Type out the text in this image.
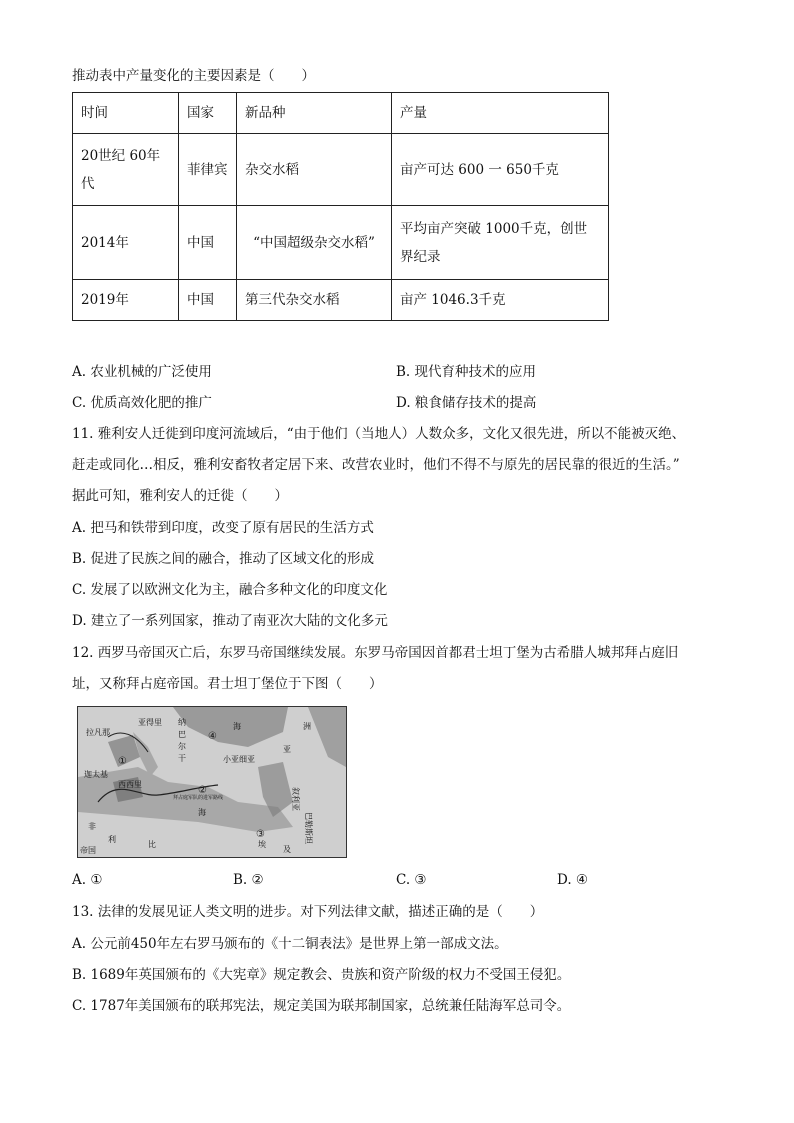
推动表中产量变化的主要因素是（　　）
时间	国家	新品种	产量
20世纪 60年代	菲律宾	杂交水稻	亩产可达 600 一 650千克
2014年	中国	“中国超级杂交水稻”	平均亩产突破 1000千克，创世界纪录
2019年	中国	第三代杂交水稻	亩产 1046.3千克
A. 农业机械的广泛使用	B. 现代育种技术的应用
C. 优质高效化肥的推广	D. 粮食储存技术的提高
11. 雅利安人迁徙到印度河流域后，“由于他们（当地人）人数众多，文化又很先进，所以不能被灭绝、
赶走或同化…相反，雅利安畜牧者定居下来、改营农业时，他们不得不与原先的居民靠的很近的生活。”
据此可知，雅利安人的迁徙（　　）
A. 把马和铁带到印度，改变了原有居民的生活方式
B. 促进了民族之间的融合，推动了区域文化的形成
C. 发展了以欧洲文化为主，融合多种文化的印度文化
D. 建立了一系列国家，推动了南亚次大陆的文化多元
12. 西罗马帝国灭亡后，东罗马帝国继续发展。东罗马帝国因首都君士坦丁堡为古希腊人城邦拜占庭旧
址，又称拜占庭帝国。君士坦丁堡位于下图（　　）
拉凡那
亚得里 纳
巴
尔
干
海	洲
亚
小亚细亚
叙利亚
巴勒斯坦
迦太基
西西里
非
利
比	埃
及
海
帝国
拜占庭军队的进军路线
①
②
③
④
A. ①	B. ②	C. ③	D. ④
13. 法律的发展见证人类文明的进步。对下列法律文献，描述正确的是（　　）
A. 公元前450年左右罗马颁布的《十二铜表法》是世界上第一部成文法。
B. 1689年英国颁布的《大宪章》规定教会、贵族和资产阶级的权力不受国王侵犯。
C. 1787年美国颁布的联邦宪法，规定美国为联邦制国家，总统兼任陆海军总司令。
